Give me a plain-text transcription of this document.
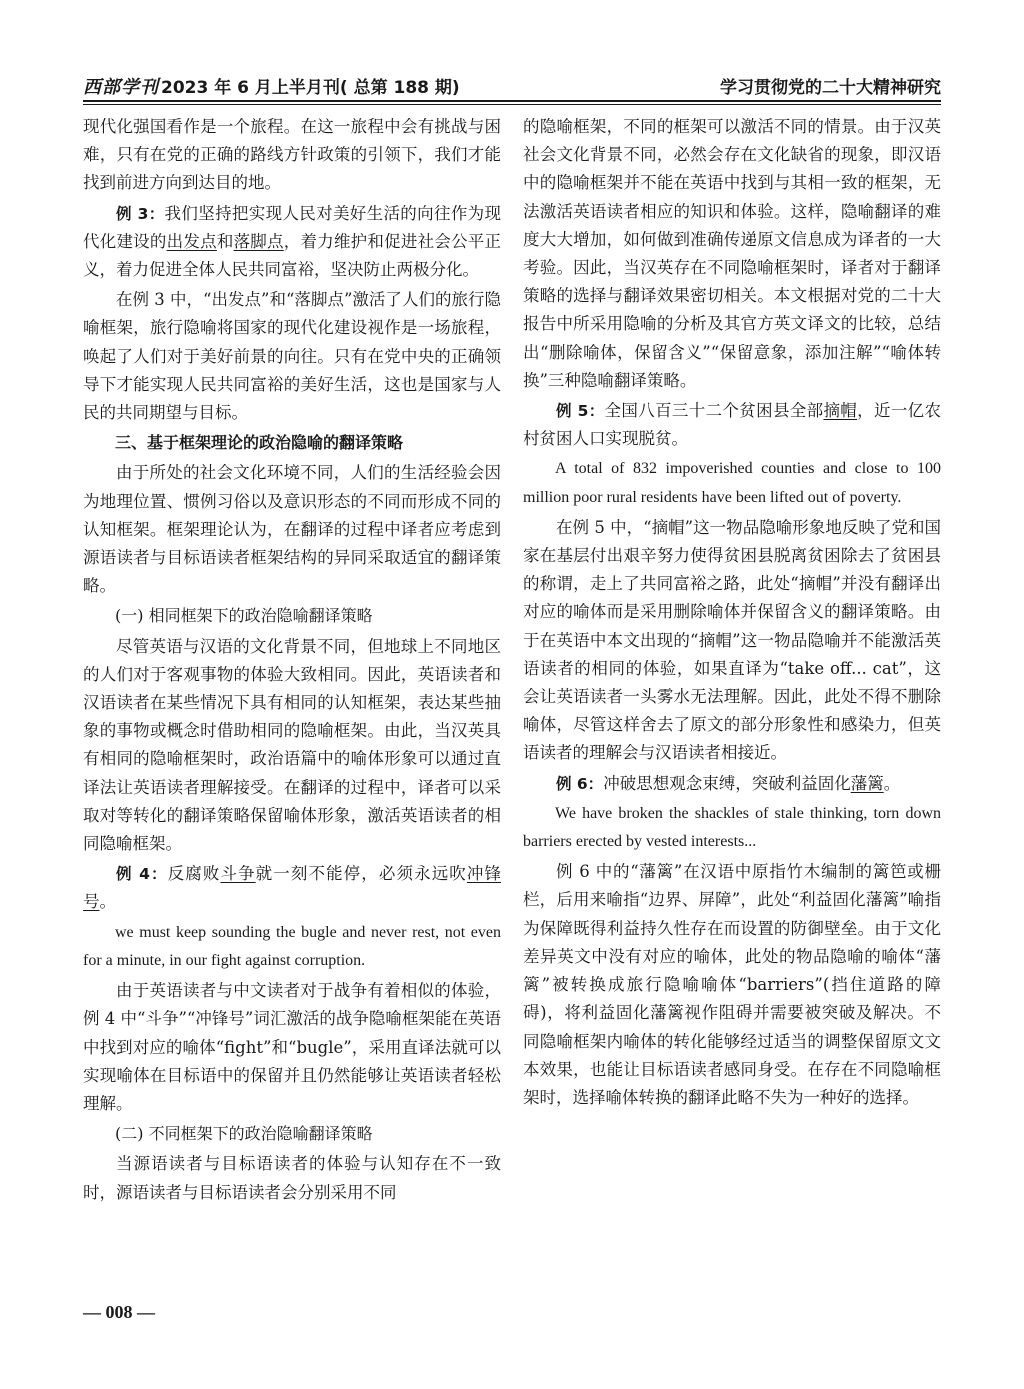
西部学刊 2023 年 6 月上半月刊( 总第 188 期)	学习贯彻党的二十大精神研究

现代化强国看作是一个旅程。在这一旅程中会有挑战与困难，只有在党的正确的路线方针政策的引领下，我们才能找到前进方向到达目的地。

例 3：我们坚持把实现人民对美好生活的向往作为现代化建设的出发点和落脚点，着力维护和促进社会公平正义，着力促进全体人民共同富裕，坚决防止两极分化。

在例 3 中，“出发点”和“落脚点”激活了人们的旅行隐喻框架，旅行隐喻将国家的现代化建设视作是一场旅程，唤起了人们对于美好前景的向往。只有在党中央的正确领导下才能实现人民共同富裕的美好生活，这也是国家与人民的共同期望与目标。

三、基于框架理论的政治隐喻的翻译策略

由于所处的社会文化环境不同，人们的生活经验会因为地理位置、惯例习俗以及意识形态的不同而形成不同的认知框架。框架理论认为，在翻译的过程中译者应考虑到源语读者与目标语读者框架结构的异同采取适宜的翻译策略。

(一) 相同框架下的政治隐喻翻译策略

尽管英语与汉语的文化背景不同，但地球上不同地区的人们对于客观事物的体验大致相同。因此，英语读者和汉语读者在某些情况下具有相同的认知框架，表达某些抽象的事物或概念时借助相同的隐喻框架。由此，当汉英具有相同的隐喻框架时，政治语篇中的喻体形象可以通过直译法让英语读者理解接受。在翻译的过程中，译者可以采取对等转化的翻译策略保留喻体形象，激活英语读者的相同隐喻框架。

例 4：反腐败斗争就一刻不能停，必须永远吹冲锋号。

we must keep sounding the bugle and never rest, not even for a minute, in our fight against corruption.

由于英语读者与中文读者对于战争有着相似的体验，例 4 中“斗争”“冲锋号”词汇激活的战争隐喻框架能在英语中找到对应的喻体“fight”和“bugle”，采用直译法就可以实现喻体在目标语中的保留并且仍然能够让英语读者轻松理解。

(二) 不同框架下的政治隐喻翻译策略

当源语读者与目标语读者的体验与认知存在不一致时，源语读者与目标语读者会分别采用不同

的隐喻框架，不同的框架可以激活不同的情景。由于汉英社会文化背景不同，必然会存在文化缺省的现象，即汉语中的隐喻框架并不能在英语中找到与其相一致的框架，无法激活英语读者相应的知识和体验。这样，隐喻翻译的难度大大增加，如何做到准确传递原文信息成为译者的一大考验。因此，当汉英存在不同隐喻框架时，译者对于翻译策略的选择与翻译效果密切相关。本文根据对党的二十大报告中所采用隐喻的分析及其官方英文译文的比较，总结出“删除喻体，保留含义”“保留意象，添加注解”“喻体转换”三种隐喻翻译策略。

例 5：全国八百三十二个贫困县全部摘帽，近一亿农村贫困人口实现脱贫。

A total of 832 impoverished counties and close to 100 million poor rural residents have been lifted out of poverty.

在例 5 中，“摘帽”这一物品隐喻形象地反映了党和国家在基层付出艰辛努力使得贫困县脱离贫困除去了贫困县的称谓，走上了共同富裕之路，此处“摘帽”并没有翻译出对应的喻体而是采用删除喻体并保留含义的翻译策略。由于在英语中本文出现的“摘帽”这一物品隐喻并不能激活英语读者的相同的体验，如果直译为“take off... cat”，这会让英语读者一头雾水无法理解。因此，此处不得不删除喻体，尽管这样舍去了原文的部分形象性和感染力，但英语读者的理解会与汉语读者相接近。

例 6：冲破思想观念束缚，突破利益固化藩篱。

We have broken the shackles of stale thinking, torn down barriers erected by vested interests...

例 6 中的“藩篱”在汉语中原指竹木编制的篱笆或栅栏，后用来喻指“边界、屏障”，此处“利益固化藩篱”喻指为保障既得利益持久性存在而设置的防御壁垒。由于文化差异英文中没有对应的喻体，此处的物品隐喻的喻体“藩篱”被转换成旅行隐喻喻体“barriers”(挡住道路的障碍)，将利益固化藩篱视作阻碍并需要被突破及解决。不同隐喻框架内喻体的转化能够经过适当的调整保留原文文本效果，也能让目标语读者感同身受。在存在不同隐喻框架时，选择喻体转换的翻译此略不失为一种好的选择。

— 008 —
